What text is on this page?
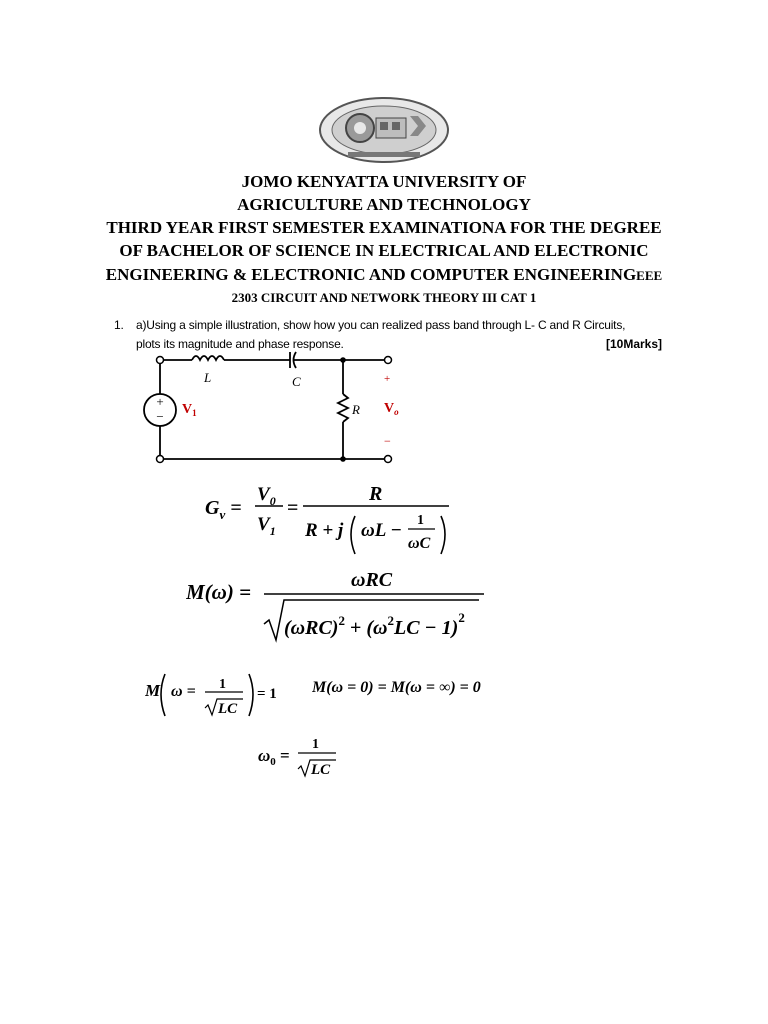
JOMO KENYATTA UNIVERSITY OF
AGRICULTURE AND TECHNOLOGY
THIRD YEAR FIRST SEMESTER EXAMINATIONA FOR THE DEGREE
OF BACHELOR OF SCIENCE IN ELECTRICAL AND ELECTRONIC
ENGINEERING & ELECTRONIC AND COMPUTER ENGINEERINGEEE
2303 CIRCUIT AND NETWORK THEORY III CAT 1
1. a)Using a simple illustration, show how you can realized pass band through L- C and R Circuits,
plots its magnitude and phase response.	[10Marks]
+
−
L	C
R
$V_1$	$V_o$
+
−
$G_v$ =
$V_0$
$V_1$
=
R
R + j ωL − 1
ωC
M(ω) =	ωRC
$(\omega RC)^2 + (\omega^2LC - 1)^2$
M ω = 1
LC
= 1 M(ω = 0) = M(ω = ∞) = 0
$\omega_0$ =
1
LC
